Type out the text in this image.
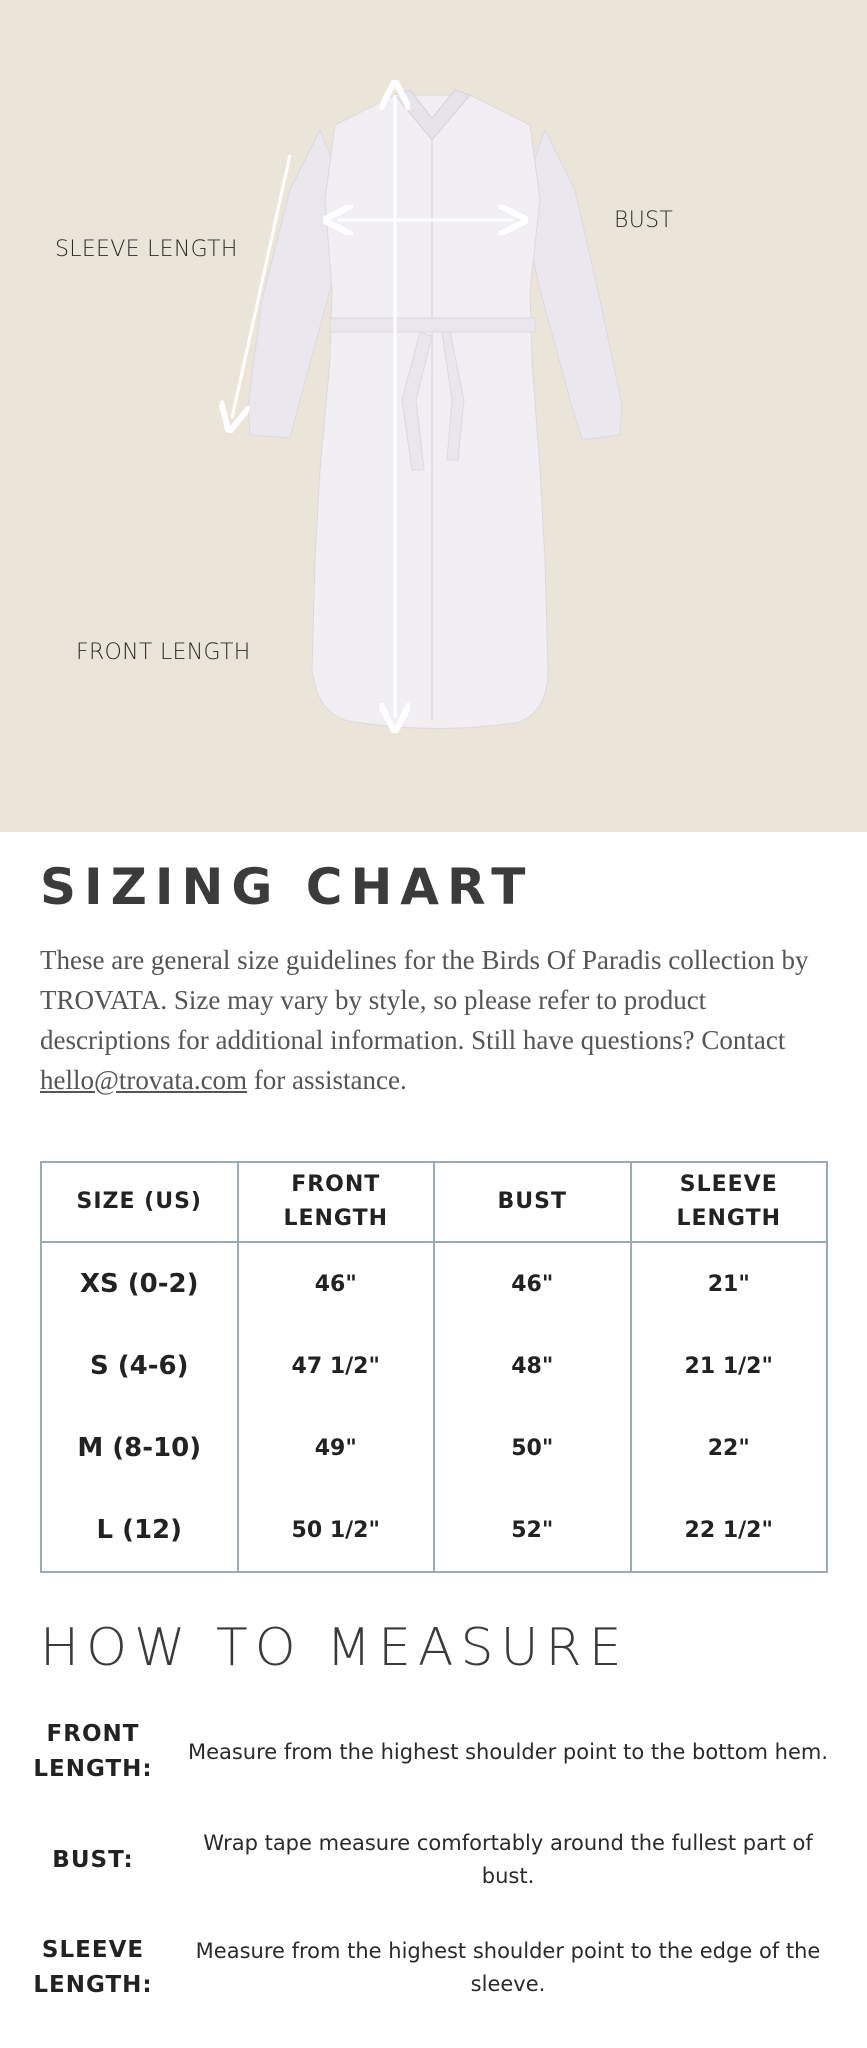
SLEEVE LENGTH
BUST
FRONT LENGTH
SIZING CHART

These are general size guidelines for the Birds Of Paradis collection by TROVATA. Size may vary by style, so please refer to product descriptions for additional information. Still have questions? Contact hello@trovata.com for assistance.

SIZE (US)	FRONT LENGTH	BUST	SLEEVE LENGTH
XS (0-2)	46"	46"	21"
S (4-6)	47 1/2"	48"	21 1/2"
M (8-10)	49"	50"	22"
L (12)	50 1/2"	52"	22 1/2"
HOW TO MEASURE
FRONT LENGTH:
Measure from the highest shoulder point to the bottom hem.
BUST:
Wrap tape measure comfortably around the fullest part of bust.
SLEEVE LENGTH:
Measure from the highest shoulder point to the edge of the sleeve.
